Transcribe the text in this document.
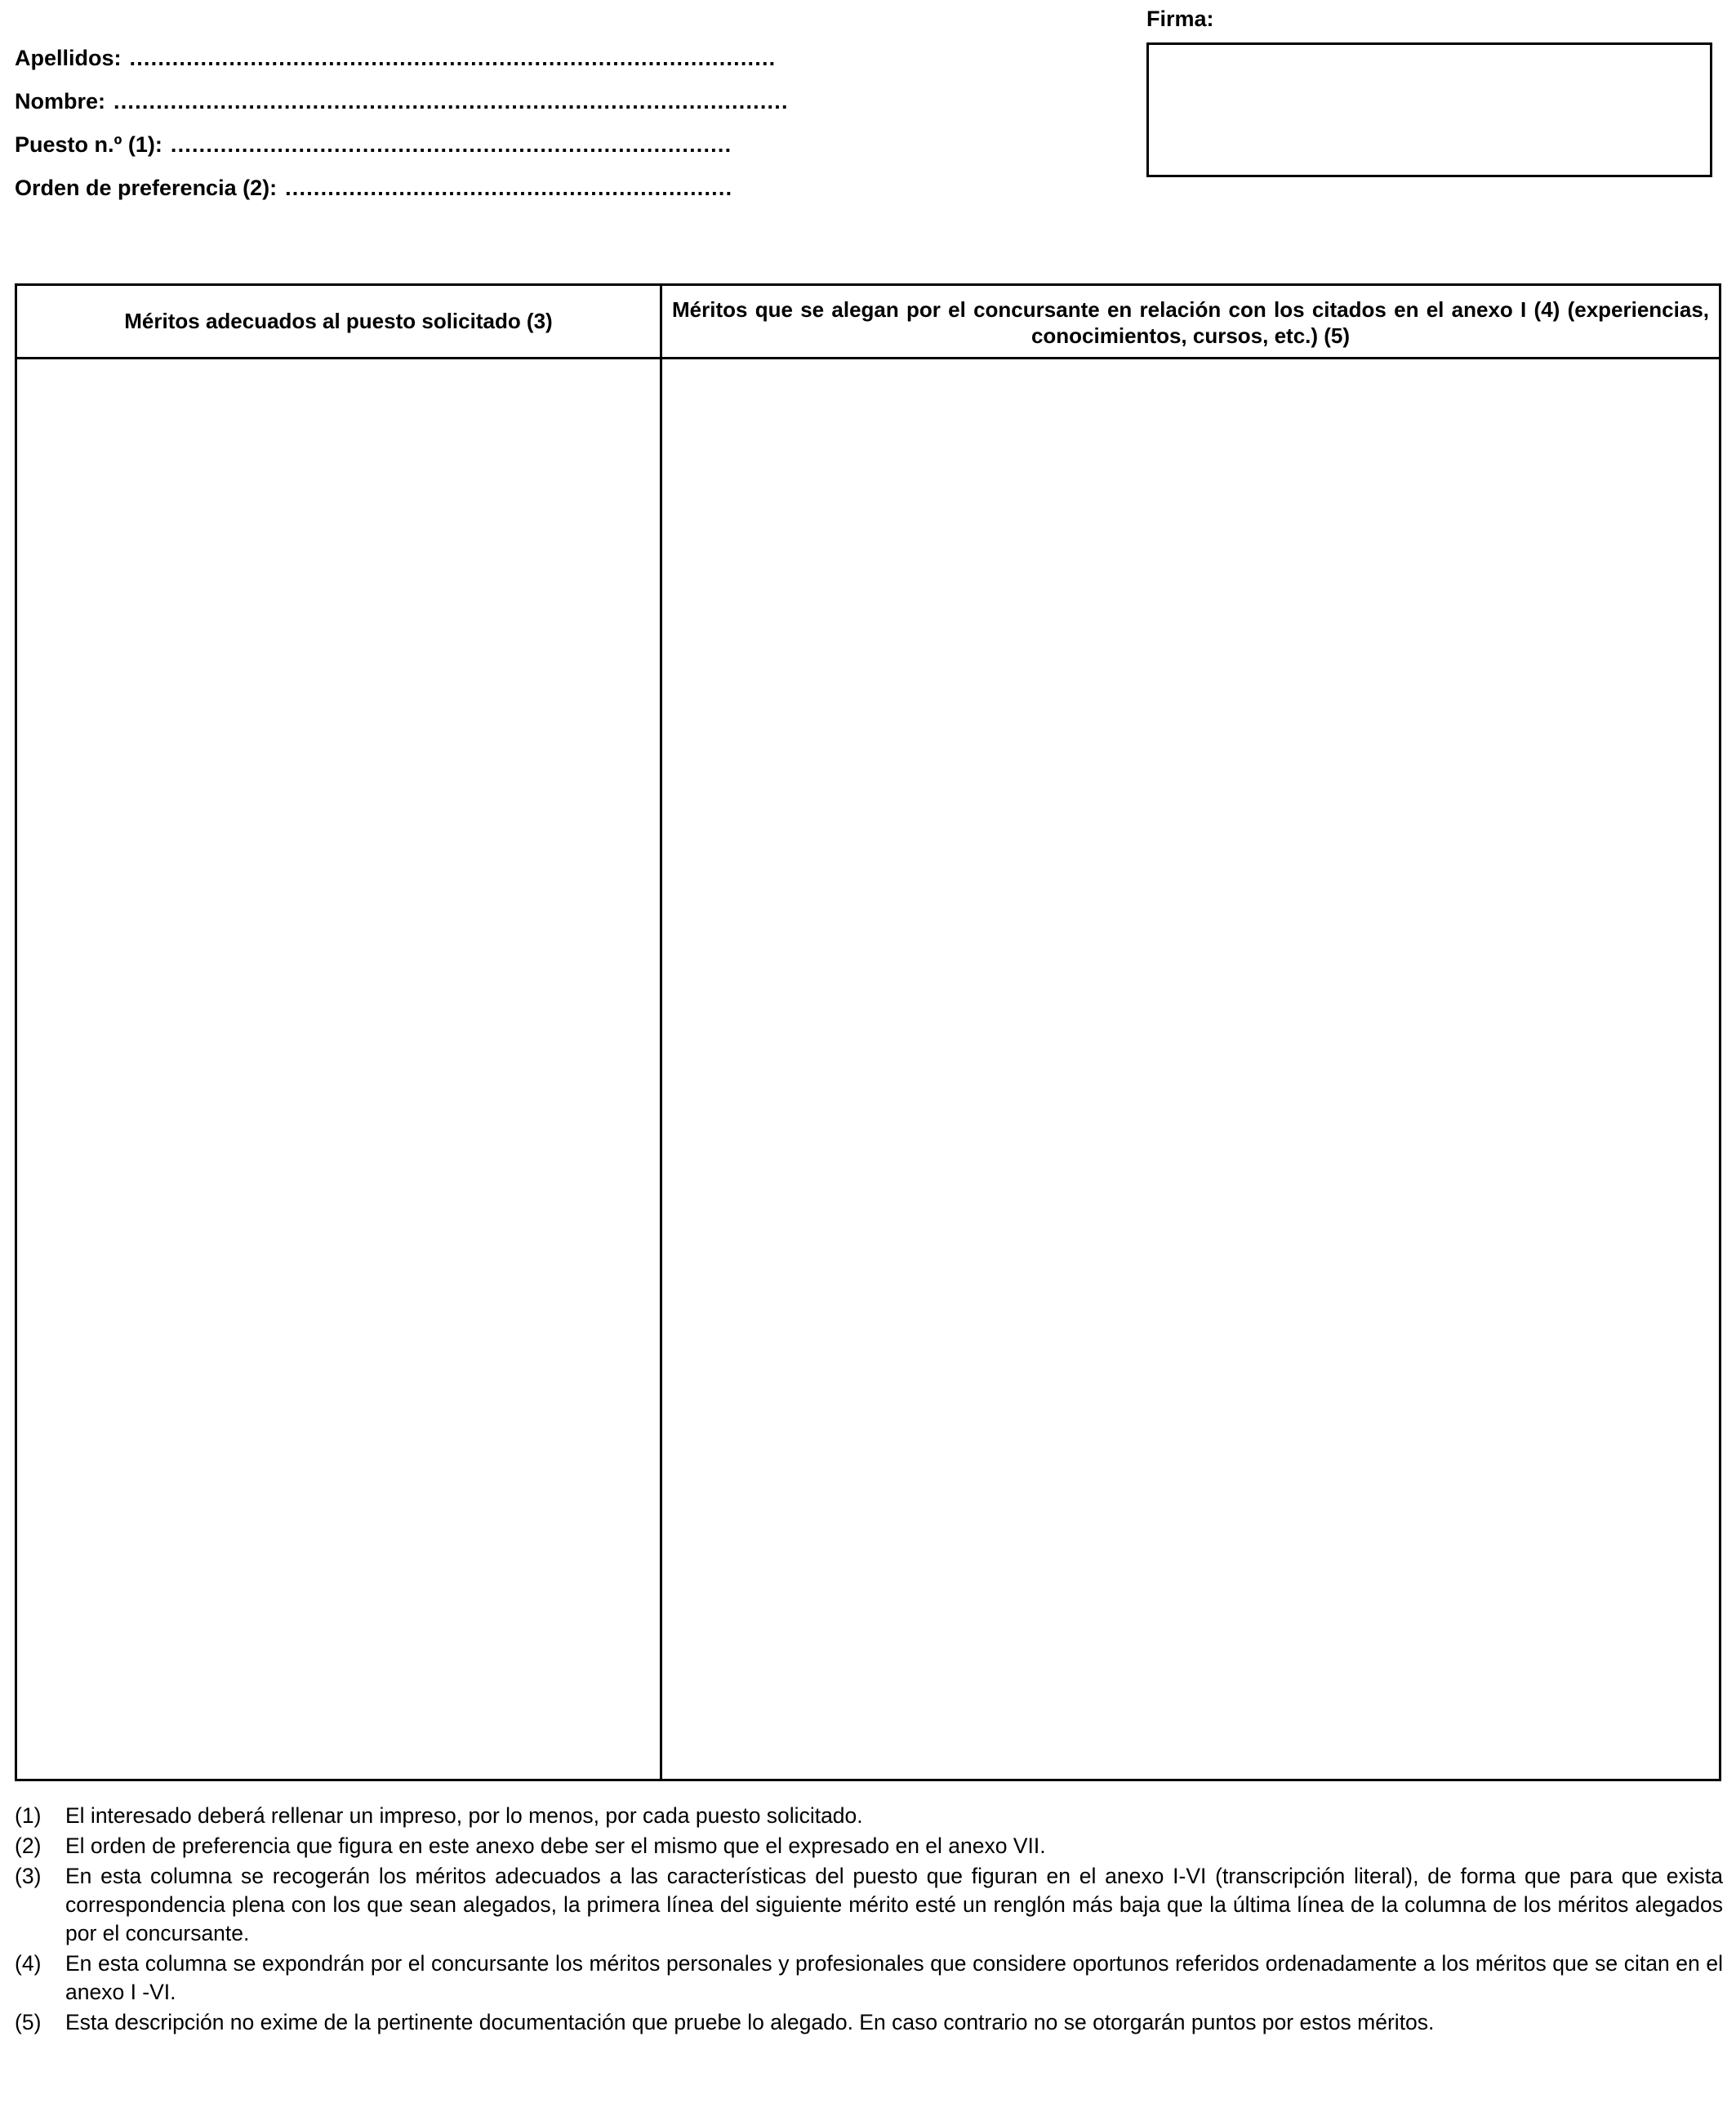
Apellidos: ...........................................................................................
Nombre: ...............................................................................................
Puesto n.º (1): ...............................................................................
Orden de preferencia (2): ...............................................................
Firma:
Méritos adecuados al puesto solicitado (3)	Méritos que se alegan por el concursante en relación con los citados en el anexo I (4) (experiencias, conocimientos, cursos, etc.) (5)
(1)	El interesado deberá rellenar un impreso, por lo menos, por cada puesto solicitado.
(2)	El orden de preferencia que figura en este anexo debe ser el mismo que el expresado en el anexo VII.
(3)	En esta columna se recogerán los méritos adecuados a las características del puesto que figuran en el anexo I-VI (transcripción literal), de forma que para que exista correspondencia plena con los que sean alegados, la primera línea del siguiente mérito esté un renglón más baja que la última línea de la columna de los méritos alegados por el concursante.
(4)	En esta columna se expondrán por el concursante los méritos personales y profesionales que considere oportunos referidos ordenadamente a los méritos que se citan en el anexo I -VI.
(5)	Esta descripción no exime de la pertinente documentación que pruebe lo alegado. En caso contrario no se otorgarán puntos por estos méritos.
